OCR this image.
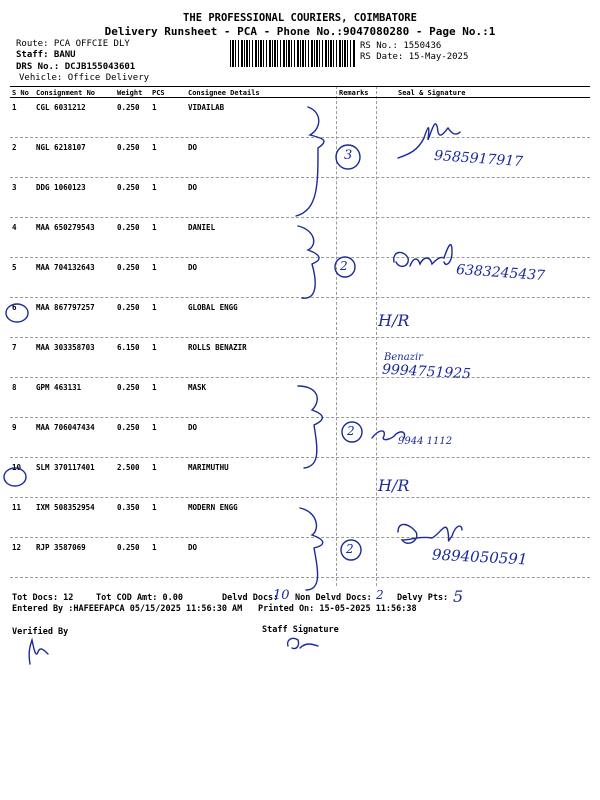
THE PROFESSIONAL COURIERS, COIMBATORE
Delivery Runsheet - PCA - Phone No.:9047080280 - Page No.:1
Route: PCA OFFCIE DLY
Staff: BANU
DRS No.: DCJB155043601
Vehicle: Office Delivery
RS No.: 1550436
RS Date: 15-May-2025
S No Consignment No	Weight PCS	Consignee Details	Remarks	Seal & Signature
1	CGL 6031212	0.250 1	VIDAILAB
2	NGL 6218107	0.250 1	DO
3	DDG 1060123	0.250 1	DO
4	MAA 650279543	0.250 1	DANIEL
5	MAA 704132643	0.250 1	DO
6	MAA 867797257	0.250 1	GLOBAL ENGG
7	MAA 303358703	6.150 1	ROLLS BENAZIR
8	GPM 463131	0.250 1	MASK
9	MAA 706047434	0.250 1	DO
10 SLM 370117401	2.500 1	MARIMUTHU
11 IXM 508352954	0.350 1	MODERN ENGG
12 RJP 3587069	0.250 1	DO
Tot Docs: 12	Tot COD Amt: 0.00	Delvd Docs: Non Delvd Docs:	Delvy Pts:
Entered By :HAFEEFAPCA 05/15/2025 11:56:30 AM Printed On: 15-05-2025 11:56:38
Verified By	Staff Signature
10	2	5
3
2
2
2
9585917917
6383245437
H/R
Benazir
9994751925
9944 1112
H/R
9894050591
